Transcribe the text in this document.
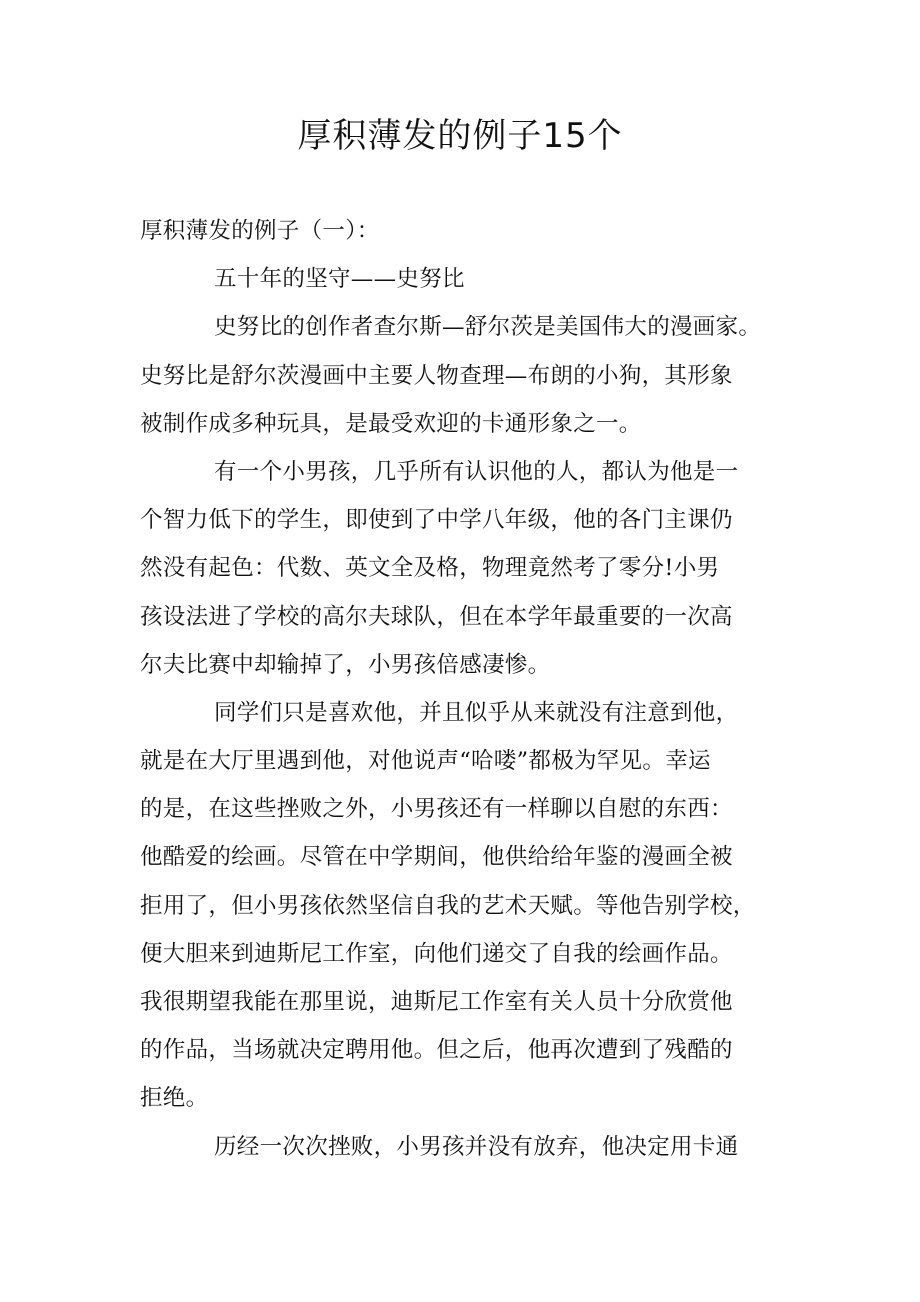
厚积薄发的例子15个
厚积薄发的例子（一）：
五十年的坚守——史努比
史努比的创作者查尔斯—舒尔茨是美国伟大的漫画家。
史努比是舒尔茨漫画中主要人物查理—布朗的小狗，其形象
被制作成多种玩具，是最受欢迎的卡通形象之一。
有一个小男孩，几乎所有认识他的人，都认为他是一
个智力低下的学生，即使到了中学八年级，他的各门主课仍
然没有起色：代数、英文全及格，物理竟然考了零分!小男
孩设法进了学校的高尔夫球队，但在本学年最重要的一次高
尔夫比赛中却输掉了，小男孩倍感凄惨。
同学们只是喜欢他，并且似乎从来就没有注意到他，
就是在大厅里遇到他，对他说声“哈喽”都极为罕见。幸运
的是，在这些挫败之外，小男孩还有一样聊以自慰的东西：
他酷爱的绘画。尽管在中学期间，他供给给年鉴的漫画全被
拒用了，但小男孩依然坚信自我的艺术天赋。等他告别学校，
便大胆来到迪斯尼工作室，向他们递交了自我的绘画作品。
我很期望我能在那里说，迪斯尼工作室有关人员十分欣赏他
的作品，当场就决定聘用他。但之后，他再次遭到了残酷的
拒绝。
历经一次次挫败，小男孩并没有放弃，他决定用卡通
